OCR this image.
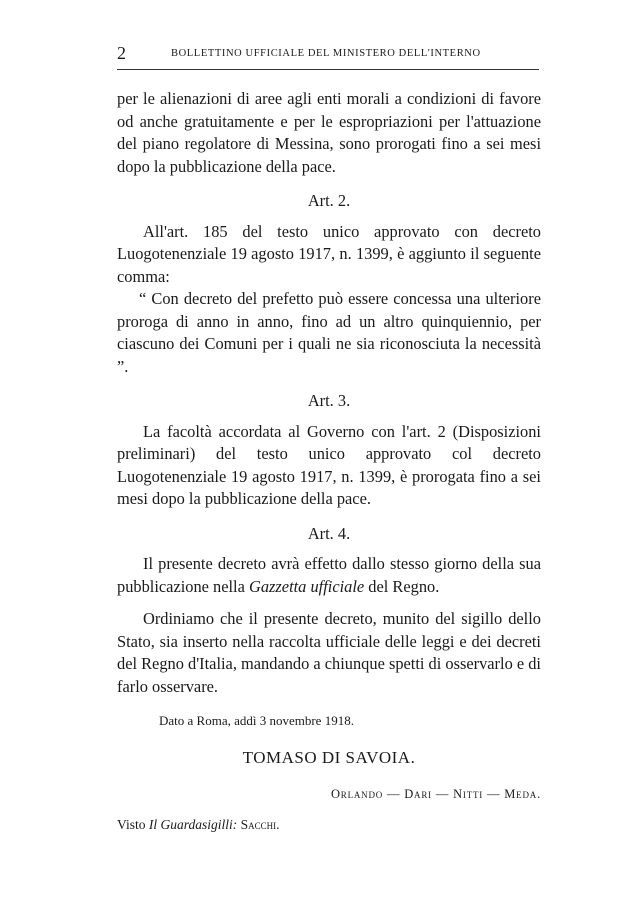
2	BOLLETTINO UFFICIALE DEL MINISTERO DELL'INTERNO

per le alienazioni di aree agli enti morali a condizioni di favore od anche gratuitamente e per le espropriazioni per l'attuazione del piano regolatore di Messina, sono prorogati fino a sei mesi dopo la pubblicazione della pace.

Art. 2.

All'art. 185 del testo unico approvato con decreto Luogotenenziale 19 agosto 1917, n. 1399, è aggiunto il seguente comma:

“ Con decreto del prefetto può essere concessa una ulteriore proroga di anno in anno, fino ad un altro quinquiennio, per ciascuno dei Comuni per i quali ne sia riconosciuta la necessità ”.

Art. 3.

La facoltà accordata al Governo con l'art. 2 (Disposizioni preliminari) del testo unico approvato col decreto Luogotenenziale 19 agosto 1917, n. 1399, è prorogata fino a sei mesi dopo la pubblicazione della pace.

Art. 4.

Il presente decreto avrà effetto dallo stesso giorno della sua pubblicazione nella Gazzetta ufficiale del Regno.

Ordiniamo che il presente decreto, munito del sigillo dello Stato, sia inserto nella raccolta ufficiale delle leggi e dei decreti del Regno d'Italia, mandando a chiunque spetti di osservarlo e di farlo osservare.

Dato a Roma, addì 3 novembre 1918.
TOMASO DI SAVOIA.
Orlando — Dari — Nitti — Meda.
Visto Il Guardasigilli: Sacchi.
